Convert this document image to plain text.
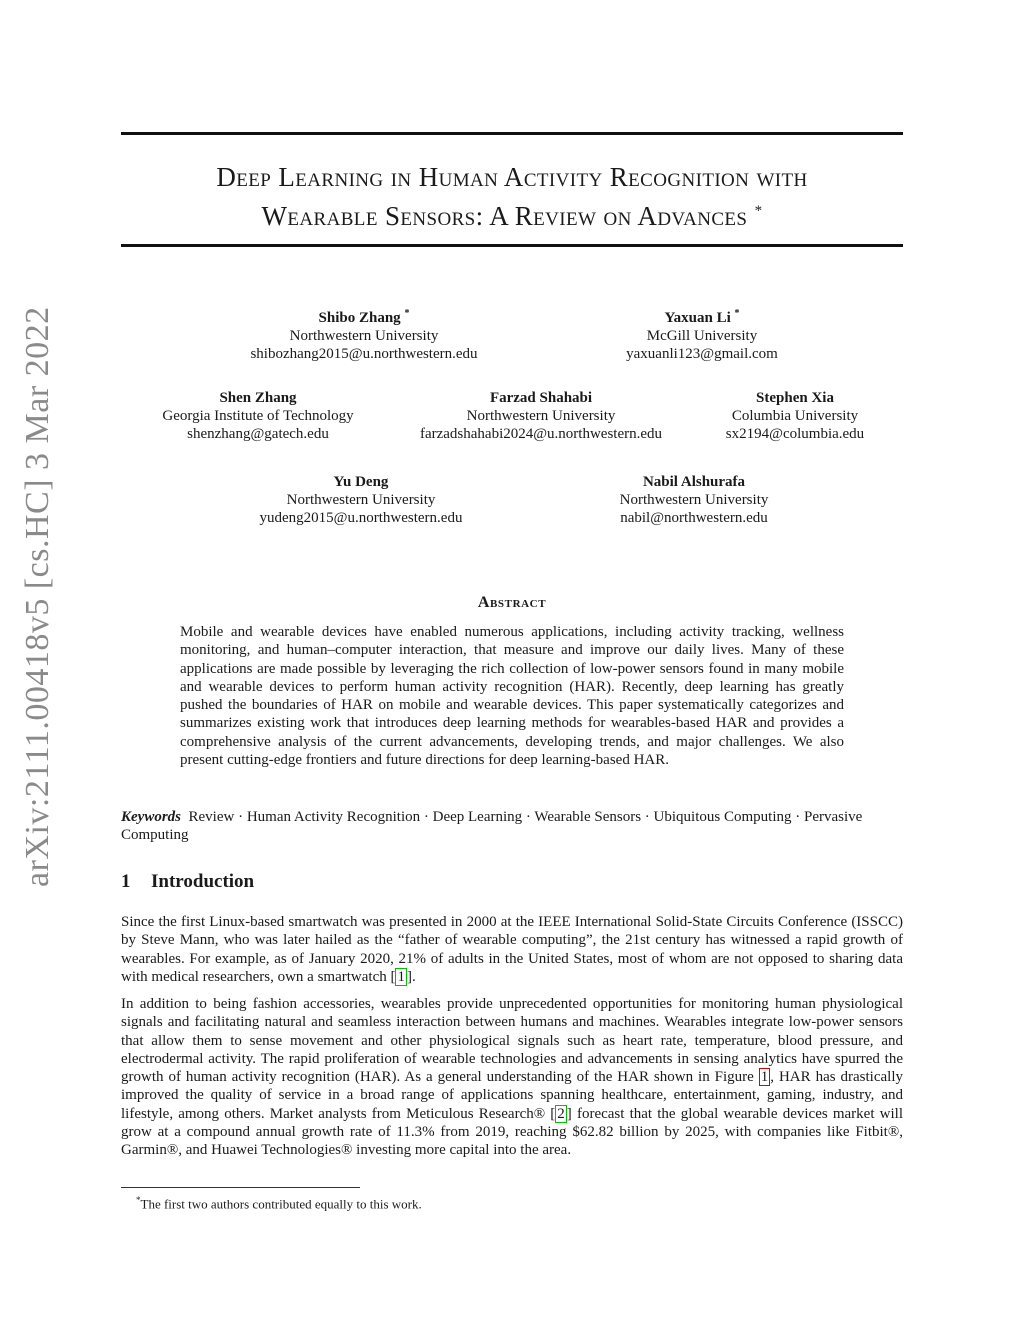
arXiv:2111.00418v5 [cs.HC] 3 Mar 2022
Deep Learning in Human Activity Recognition with
Wearable Sensors: A Review on Advances *
Shibo Zhang *
Northwestern University
shibozhang2015@u.northwestern.edu
Yaxuan Li *
McGill University
yaxuanli123@gmail.com
Shen Zhang
Georgia Institute of Technology
shenzhang@gatech.edu
Farzad Shahabi
Northwestern University
farzadshahabi2024@u.northwestern.edu
Stephen Xia
Columbia University
sx2194@columbia.edu
Yu Deng
Northwestern University
yudeng2015@u.northwestern.edu
Nabil Alshurafa
Northwestern University
nabil@northwestern.edu
Abstract
Mobile and wearable devices have enabled numerous applications, including activity tracking, wellness monitoring, and human–computer interaction, that measure and improve our daily lives. Many of these applications are made possible by leveraging the rich collection of low-power sensors found in many mobile and wearable devices to perform human activity recognition (HAR). Recently, deep learning has greatly pushed the boundaries of HAR on mobile and wearable devices. This paper systematically categorizes and summarizes existing work that introduces deep learning methods for wearables-based HAR and provides a comprehensive analysis of the current advancements, developing trends, and major challenges. We also present cutting-edge frontiers and future directions for deep learning-based HAR.
Keywords Review · Human Activity Recognition · Deep Learning · Wearable Sensors · Ubiquitous Computing · Pervasive Computing
1 Introduction
Since the first Linux-based smartwatch was presented in 2000 at the IEEE International Solid-State Circuits Conference (ISSCC) by Steve Mann, who was later hailed as the “father of wearable computing”, the 21st century has witnessed a rapid growth of wearables. For example, as of January 2020, 21% of adults in the United States, most of whom are not opposed to sharing data with medical researchers, own a smartwatch [ 1 ].
In addition to being fashion accessories, wearables provide unprecedented opportunities for monitoring human physiological signals and facilitating natural and seamless interaction between humans and machines. Wearables integrate low-power sensors that allow them to sense movement and other physiological signals such as heart rate, temperature, blood pressure, and electrodermal activity. The rapid proliferation of wearable technologies and advancements in sensing analytics have spurred the growth of human activity recognition (HAR). As a general understanding of the HAR shown in Figure 1 , HAR has drastically improved the quality of service in a broad range of applications spanning healthcare, entertainment, gaming, industry, and lifestyle, among others. Market analysts from Meticulous Research® [ 2 ] forecast that the global wearable devices market will grow at a compound annual growth rate of 11.3% from 2019, reaching $62.82 billion by 2025, with companies like Fitbit®, Garmin®, and Huawei Technologies® investing more capital into the area.
*The first two authors contributed equally to this work.
